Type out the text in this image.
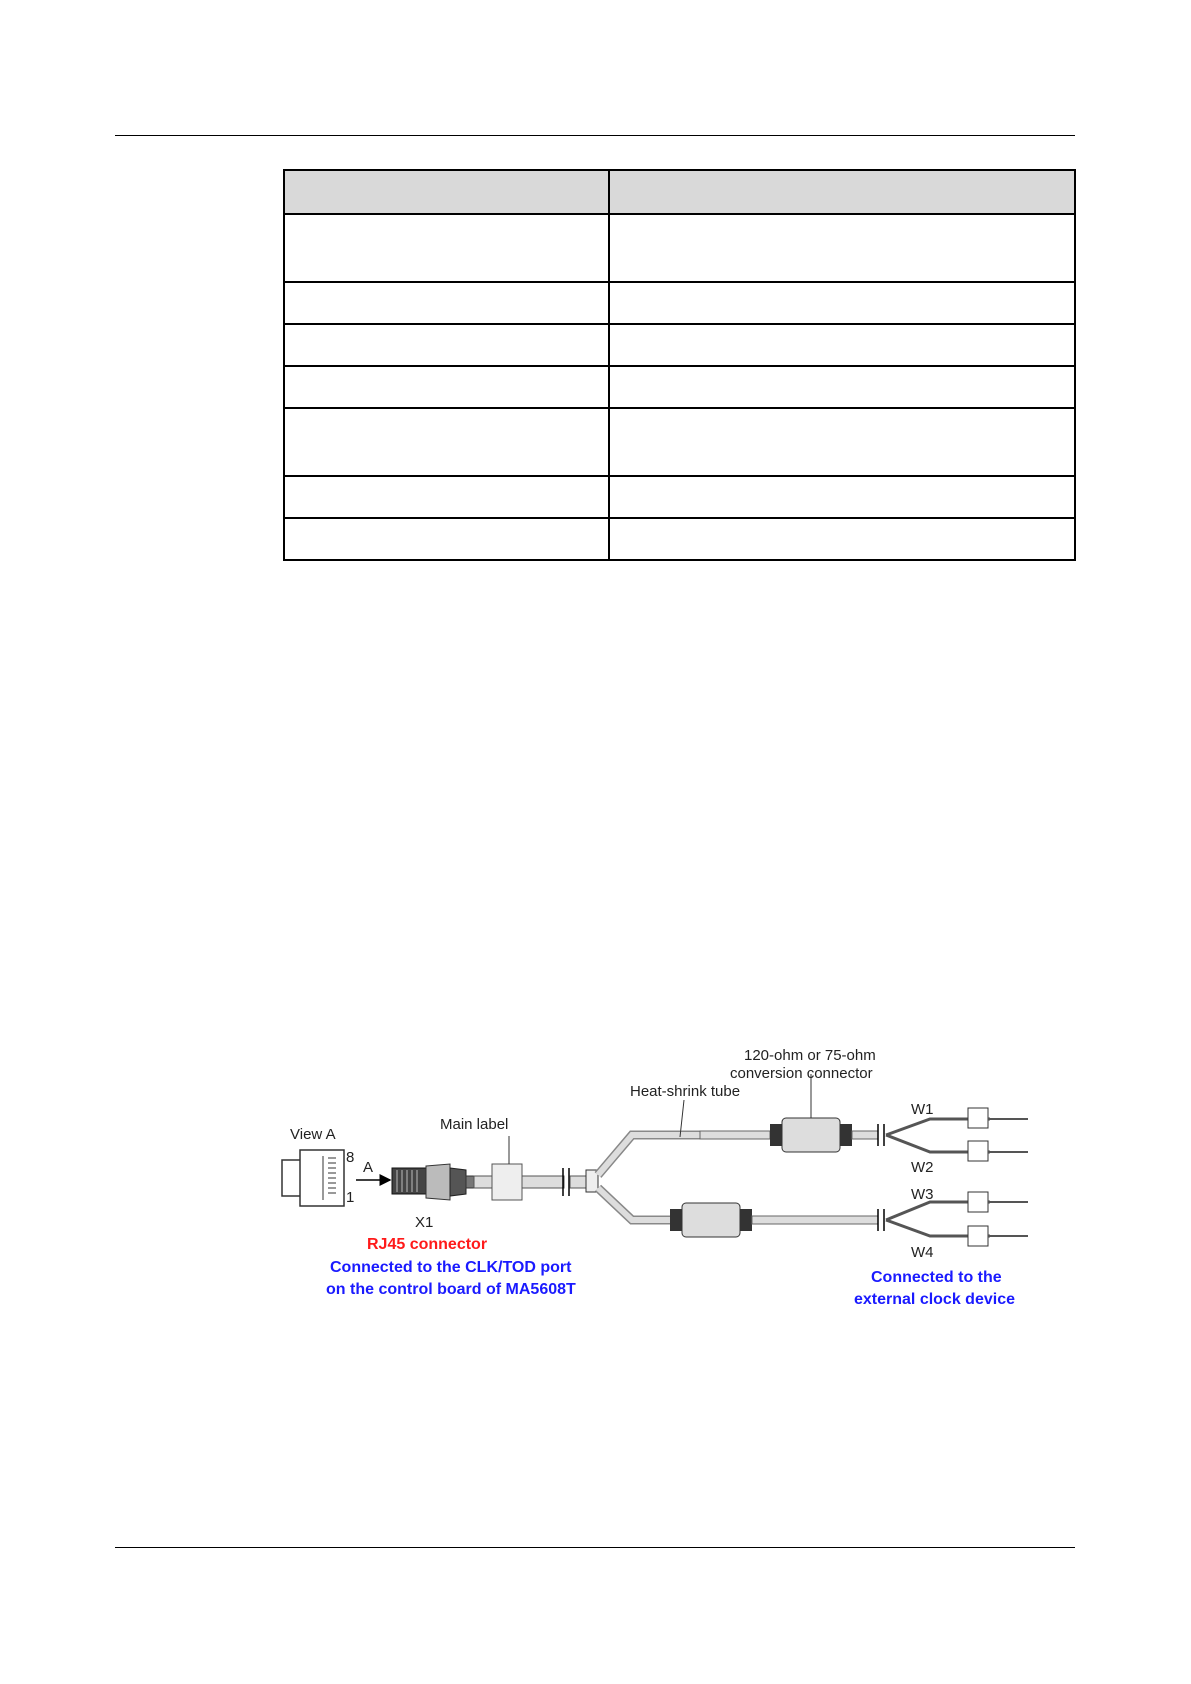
View A
8
1
A
X1
Main label
Heat-shrink tube
120-ohm or 75-ohm
conversion connector
W1
W2
W3
W4
RJ45 connector
Connected to the CLK/TOD port
on the control board of MA5608T
Connected to the
external clock device
